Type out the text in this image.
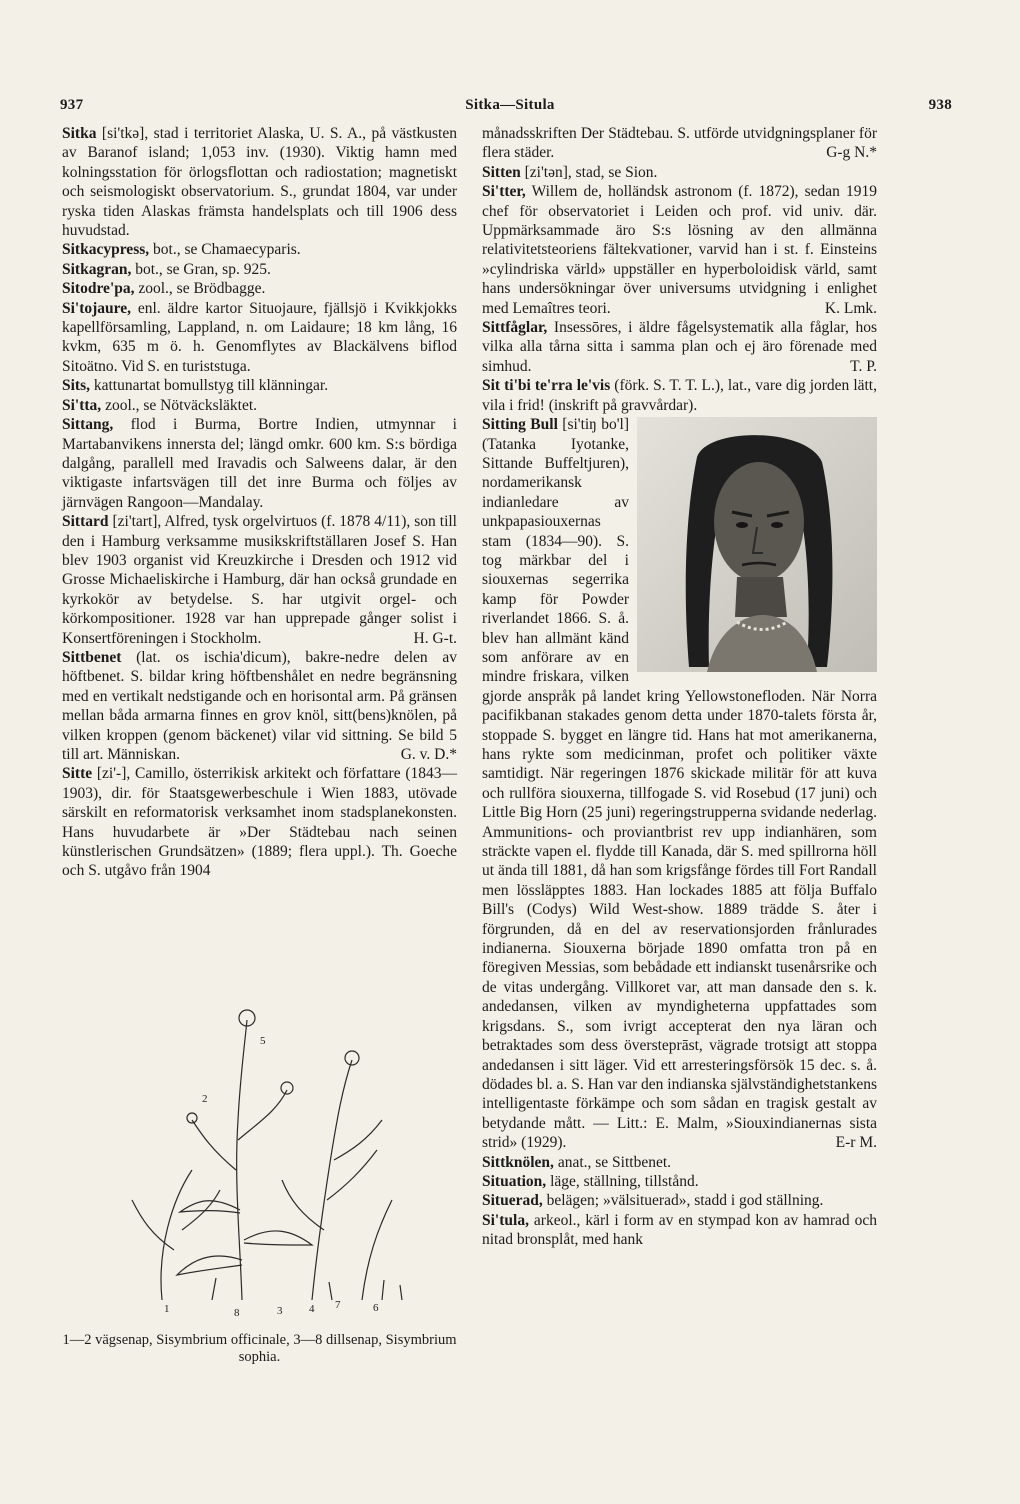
937	Sitka—Situla	938

Sitka [si'tkə], stad i territoriet Alaska, U. S. A., på västkusten av Baranof island; 1,053 inv. (1930). Viktig hamn med kolningsstation för örlogsflottan och radiostation; magnetiskt och seismologiskt observatorium. S., grundat 1804, var under ryska tiden Alaskas främsta handelsplats och till 1906 dess huvudstad.

Sitkacypress, bot., se Chamaecyparis.

Sitkagran, bot., se Gran, sp. 925.

Sitodre'pa, zool., se Brödbagge.

Si'tojaure, enl. äldre kartor Situojaure, fjällsjö i Kvikkjokks kapellförsamling, Lappland, n. om Laidaure; 18 km lång, 16 kvkm, 635 m ö. h. Genomflytes av Blackälvens biflod Sitoätno. Vid S. en turiststuga.

Sits, kattunartat bomullstyg till klänningar.

Si'tta, zool., se Nötväcksläktet.

Sittang, flod i Burma, Bortre Indien, utmynnar i Martabanvikens innersta del; längd omkr. 600 km. S:s bördiga dalgång, parallell med Iravadis och Salweens dalar, är den viktigaste infartsvägen till det inre Burma och följes av järnvägen Rangoon—Mandalay.

Sittard [zi'tart], Alfred, tysk orgelvirtuos (f. 1878 4/11), son till den i Hamburg verksamme musikskriftställaren Josef S. Han blev 1903 organist vid Kreuzkirche i Dresden och 1912 vid Grosse Michaeliskirche i Hamburg, där han också grundade en kyrkokör av betydelse. S. har utgivit orgel- och körkompositioner. 1928 var han upprepade gånger solist i Konsertföreningen i Stockholm.	H. G-t.

Sittbenet (lat. os ischia'dicum), bakre-nedre delen av höftbenet. S. bildar kring höftbenshålet en nedre begränsning med en vertikalt nedstigande och en horisontal arm. På gränsen mellan båda armarna finnes en grov knöl, sitt(bens)knölen, på vilken kroppen (genom bäckenet) vilar vid sittning. Se bild 5 till art. Människan.	G. v. D.*

Sitte [zi'-], Camillo, österrikisk arkitekt och författare (1843—1903), dir. för Staatsgewerbeschule i Wien 1883, utövade särskilt en reformatorisk verksamhet inom stadsplanekonsten. Hans huvudarbete är »Der Städtebau nach seinen künstlerischen Grundsätzen» (1889; flera uppl.). Th. Goeche och S. utgåvo från 1904

1
2
3 4
5
6
7
8
1—2 vägsenap, Sisymbrium officinale, 3—8 dillsenap, Sisymbrium sophia.

månadsskriften Der Städtebau. S. utförde utvidgningsplaner för flera städer.	G-g N.*

Sitten [zi'tən], stad, se Sion.

Si'tter, Willem de, holländsk astronom (f. 1872), sedan 1919 chef för observatoriet i Leiden och prof. vid univ. där. Uppmärksammade äro S:s lösning av den allmänna relativitetsteoriens fältekvationer, varvid han i st. f. Einsteins »cylindriska värld» uppställer en hyperboloidisk värld, samt hans undersökningar över universums utvidgning i enlighet med Lemaîtres teori.	K. Lmk.

Sittfåglar, Insessōres, i äldre fågelsystematik alla fåglar, hos vilka alla tårna sitta i samma plan och ej äro förenade med simhud.	T. P.

Sit ti'bi te'rra le'vis (förk. S. T. T. L.), lat., vare dig jorden lätt, vila i frid! (inskrift på gravvårdar).

Sitting Bull [si'tiŋ bo'l] (Tatanka Iyotanke, Sittande Buffeltjuren), nordamerikansk indianledare av unkpapasiouxernas stam (1834—90). S. tog märkbar del i siouxernas segerrika kamp för Powder riverlandet 1866. S. å. blev han allmänt känd som anförare av en mindre friskara, vilken gjorde anspråk på landet kring Yellowstonefloden. När Norra pacifikbanan stakades genom detta under 1870-talets första år, stoppade S. bygget en längre tid. Hans hat mot amerikanerna, hans rykte som medicinman, profet och politiker växte samtidigt. När regeringen 1876 skickade militär för att kuva och rullföra siouxerna, tillfogade S. vid Rosebud (17 juni) och Little Big Horn (25 juni) regeringstrupperna svidande nederlag. Ammunitions- och proviantbrist rev upp indianhären, som sträckte vapen el. flydde till Kanada, där S. med spillrorna höll ut ända till 1881, då han som krigsfånge fördes till Fort Randall men lössläpptes 1883. Han lockades 1885 att följa Buffalo Bill's (Codys) Wild West-show. 1889 trädde S. åter i förgrunden, då en del av reservationsjorden frånlurades indianerna. Siouxerna började 1890 omfatta tron på en föregiven Messias, som bebådade ett indianskt tusenårsrike och de vitas undergång. Villkoret var, att man dansade den s. k. andedansen, vilken av myndigheterna uppfattades som krigsdans. S., som ivrigt accepterat den nya läran och betraktades som dess översteprāst, vägrade trotsigt att stoppa andedansen i sitt läger. Vid ett arresteringsförsök 15 dec. s. å. dödades bl. a. S. Han var den indianska självständighetstankens intelligentaste förkämpe och som sådan en tragisk gestalt av betydande mått. — Litt.: E. Malm, »Siouxindianernas sista strid» (1929).	E-r M.

Sittknölen, anat., se Sittbenet.

Situation, läge, ställning, tillstånd.

Situerad, belägen; »välsituerad», stadd i god ställning.

Si'tula, arkeol., kärl i form av en stympad kon av hamrad och nitad bronsplåt, med hank
